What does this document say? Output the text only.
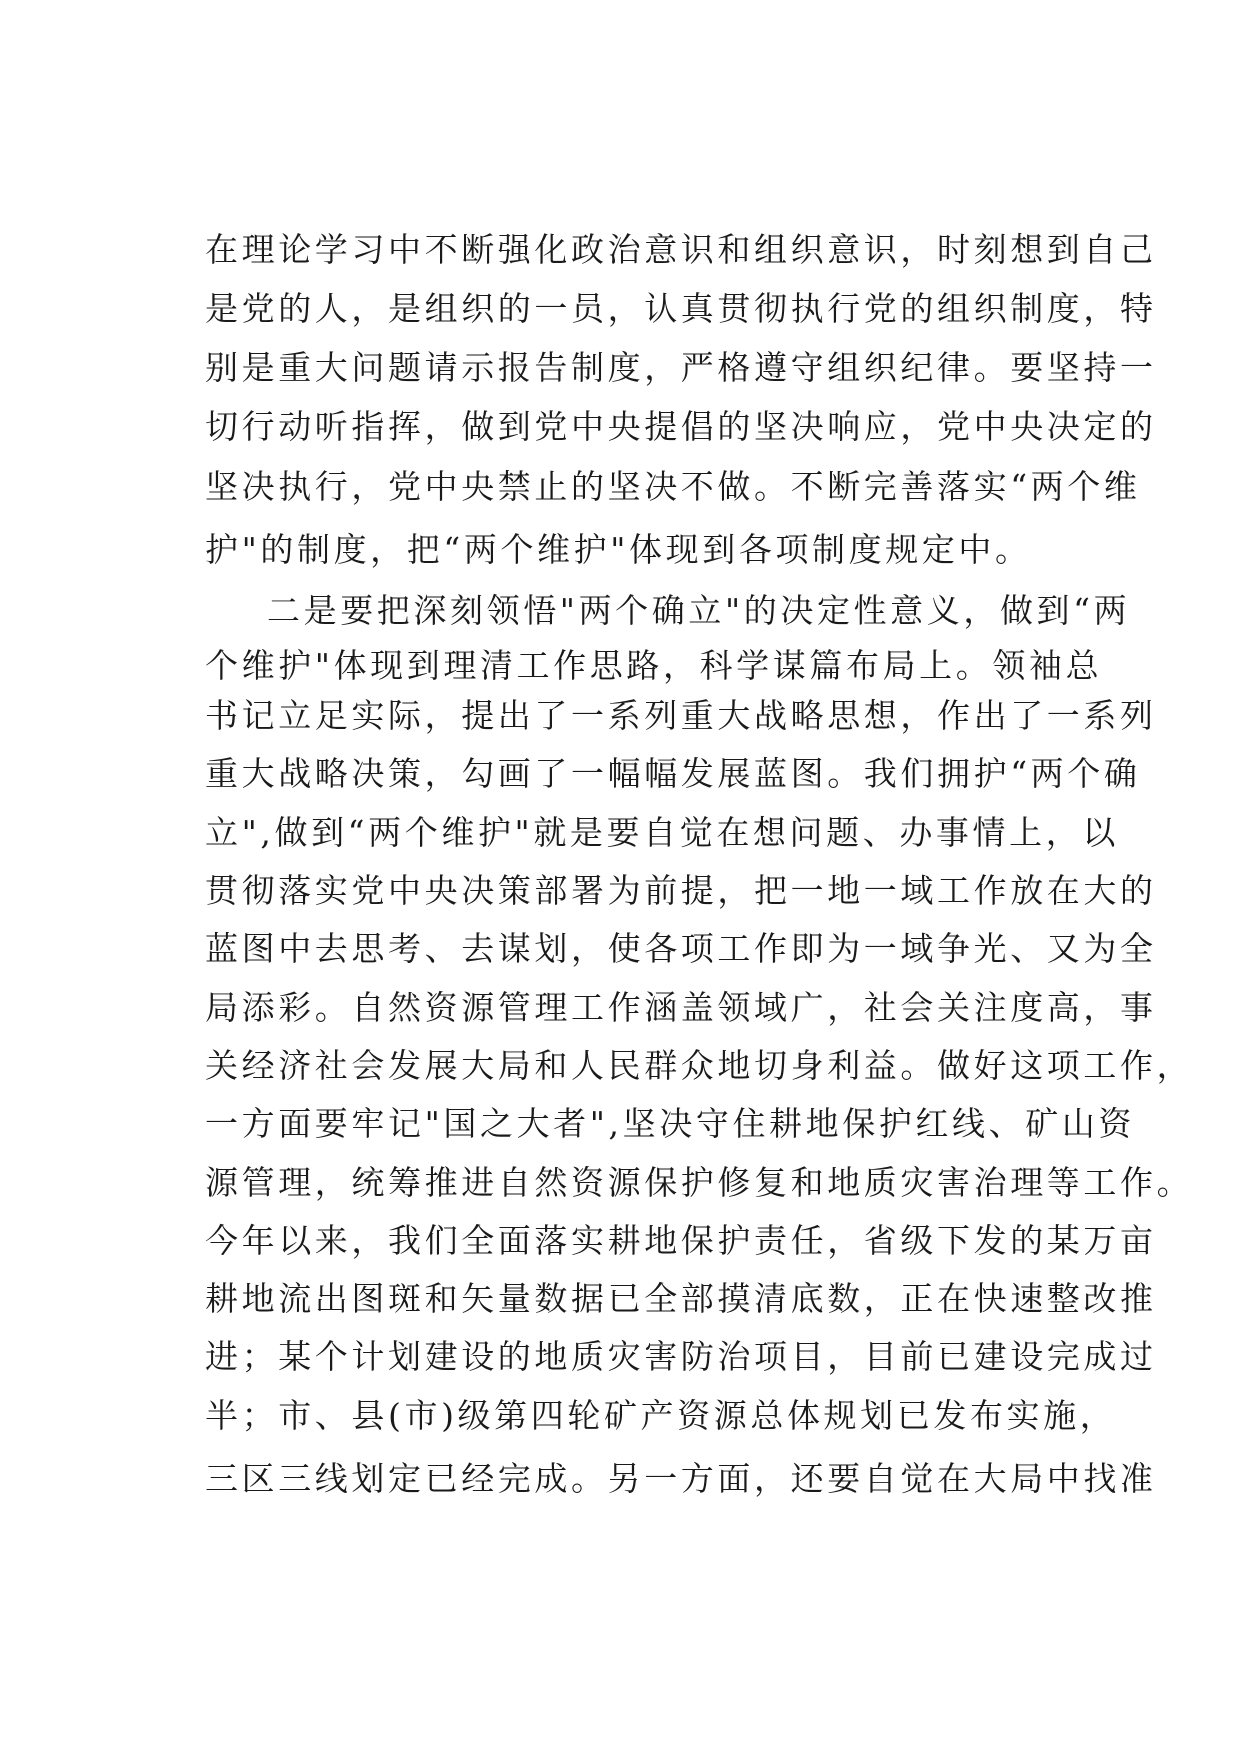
在理论学习中不断强化政治意识和组织意识，时刻想到自己
是党的人，是组织的一员，认真贯彻执行党的组织制度，特
别是重大问题请示报告制度，严格遵守组织纪律。要坚持一
切行动听指挥，做到党中央提倡的坚决响应，党中央决定的
坚决执行，党中央禁止的坚决不做。不断完善落实“两个维
护"的制度，把“两个维护"体现到各项制度规定中。
二是要把深刻领悟"两个确立"的决定性意义，做到“两
个维护"体现到理清工作思路，科学谋篇布局上。领袖总
书记立足实际，提出了一系列重大战略思想，作出了一系列
重大战略决策，勾画了一幅幅发展蓝图。我们拥护“两个确
立",做到“两个维护"就是要自觉在想问题、办事情上，以
贯彻落实党中央决策部署为前提，把一地一域工作放在大的
蓝图中去思考、去谋划，使各项工作即为一域争光、又为全
局添彩。自然资源管理工作涵盖领域广，社会关注度高，事
关经济社会发展大局和人民群众地切身利益。做好这项工作，
一方面要牢记"国之大者",坚决守住耕地保护红线、矿山资
源管理，统筹推进自然资源保护修复和地质灾害治理等工作。
今年以来，我们全面落实耕地保护责任，省级下发的某万亩
耕地流出图斑和矢量数据已全部摸清底数，正在快速整改推
进；某个计划建设的地质灾害防治项目，目前已建设完成过
半；市、县(市)级第四轮矿产资源总体规划已发布实施，
三区三线划定已经完成。另一方面，还要自觉在大局中找准
